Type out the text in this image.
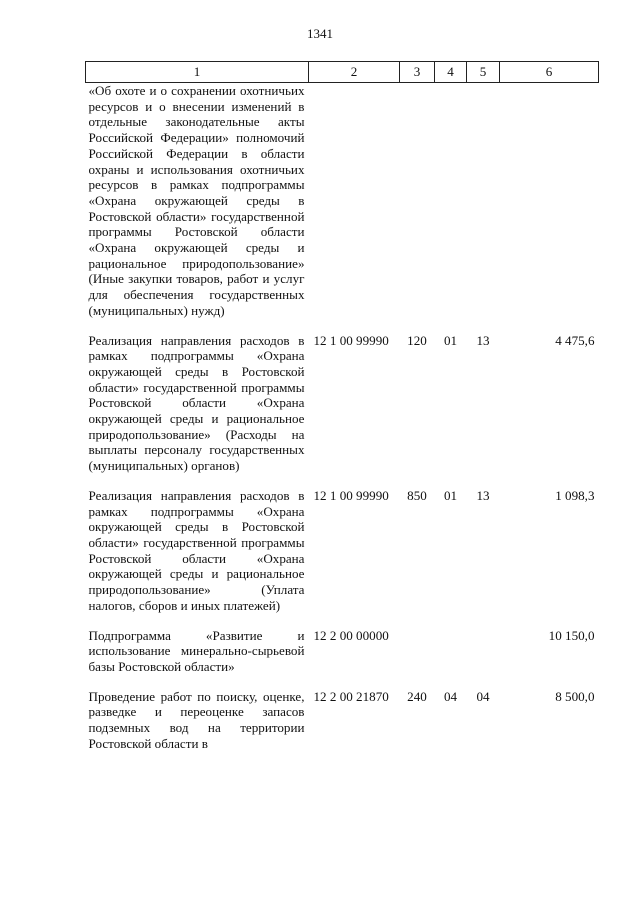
1341
1	2	3	4	5	6
«Об охоте и о сохранении охотничьих ресурсов и о внесении изменений в отдельные законодательные акты Российской Федерации» полномочий Российской Федерации в области охраны и использования охотничьих ресурсов в рамках подпрограммы «Охрана окружающей среды в Ростовской области» государственной программы Ростовской области «Охрана окружающей среды и рациональное природопользование» (Иные закупки товаров, работ и услуг для обеспечения государственных (муниципальных) нужд)					
Реализация направления расходов в рамках подпрограммы «Охрана окружающей среды в Ростовской области» государственной программы Ростовской области «Охрана окружающей среды и рациональное природопользование» (Расходы на выплаты персоналу государственных (муниципальных) органов)	12 1 00 99990	120	01	13	4 475,6
Реализация направления расходов в рамках подпрограммы «Охрана окружающей среды в Ростовской области» государственной программы Ростовской области «Охрана окружающей среды и рациональное природопользование» (Уплата налогов, сборов и иных платежей)	12 1 00 99990	850	01	13	1 098,3
Подпрограмма «Развитие и использование минерально-сырьевой базы Ростовской области»	12 2 00 00000				10 150,0
Проведение работ по поиску, оценке, разведке и переоценке запасов подземных вод на территории Ростовской области в	12 2 00 21870	240	04	04	8 500,0
